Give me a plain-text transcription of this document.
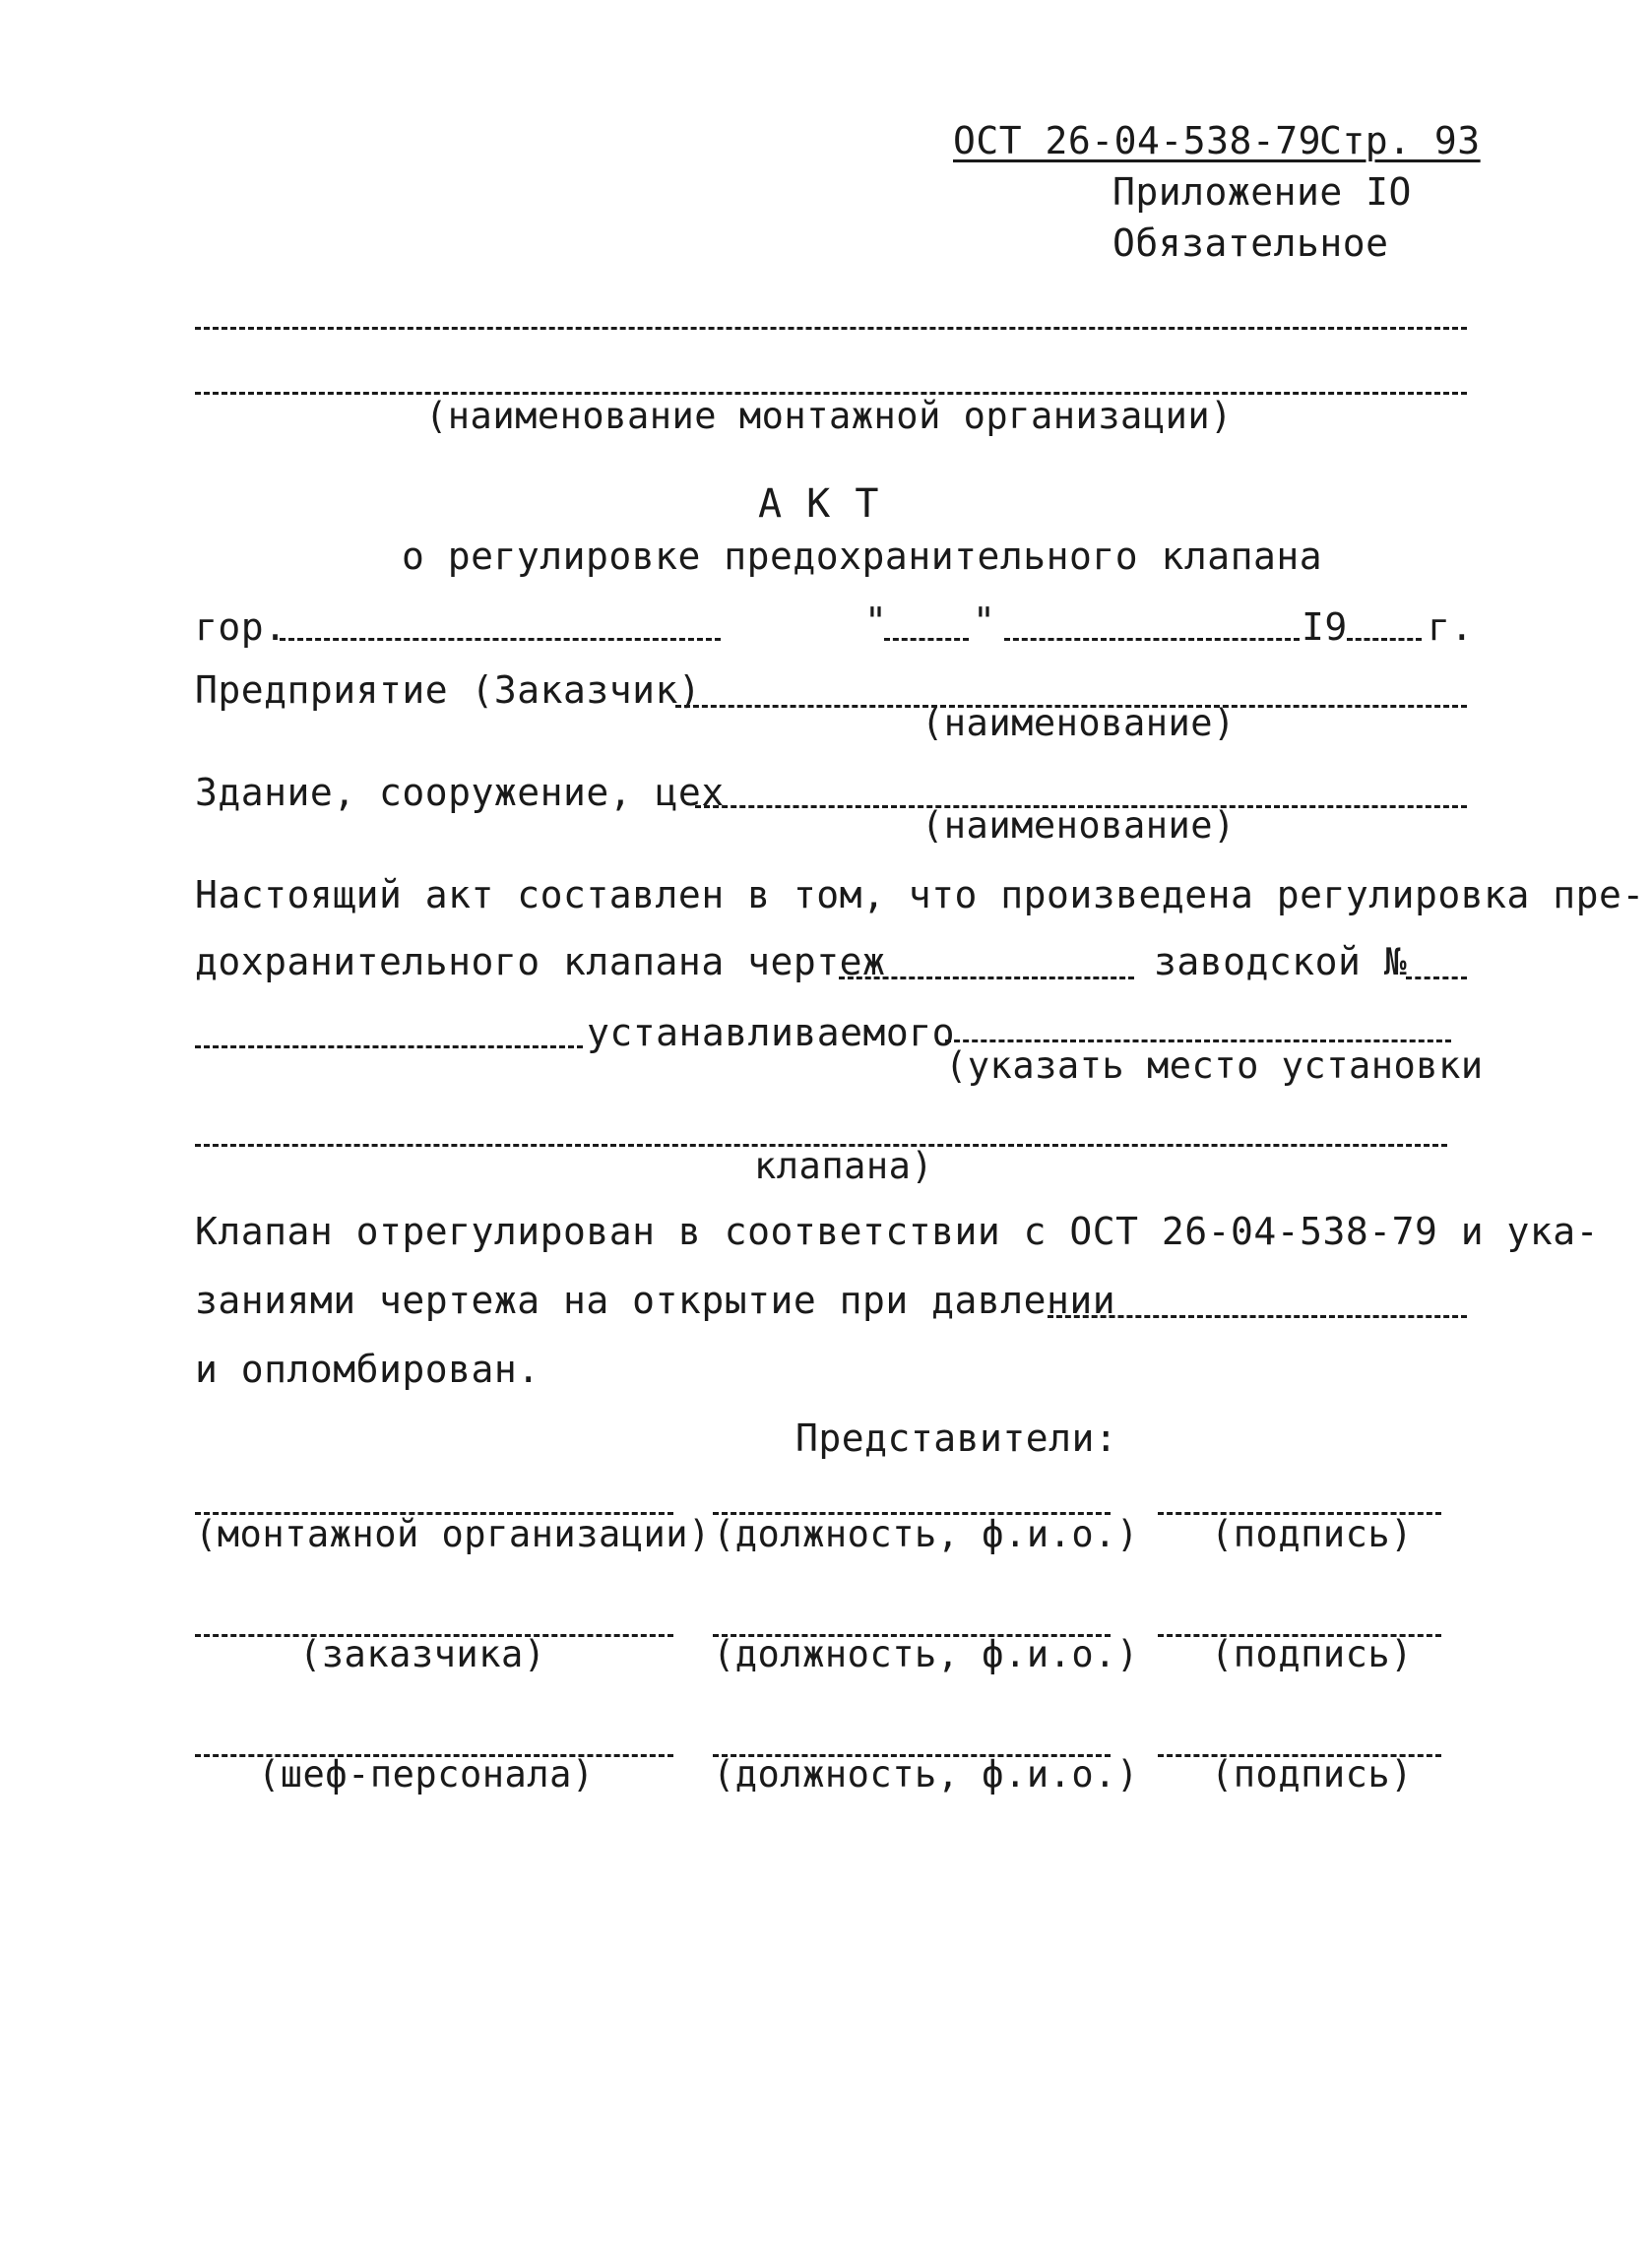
ОСТ 26-04-538-79
Стр. 93
Приложение IO
Обязательное
(наименование монтажной организации)
А К Т
о регулировке предохранительного клапана
гор.	" "	I9 г.
Предприятие (Заказчик)
(наименование)
Здание, сооружение, цех
(наименование)
Настоящий акт составлен в том, что произведена регулировка пре-
дохранительного клапана чертеж	заводской №
устанавливаемого
(указать место установки
клапана)
Клапан отрегулирован в соответствии с ОСТ 26-04-538-79 и ука-
заниями чертежа на открытие при давлении
и опломбирован.
Представители:
(монтажной организации) (должность, ф.и.о.) (подпись)
(заказчика)	(должность, ф.и.о.) (подпись)
(шеф-персонала)	(должность, ф.и.о.) (подпись)
